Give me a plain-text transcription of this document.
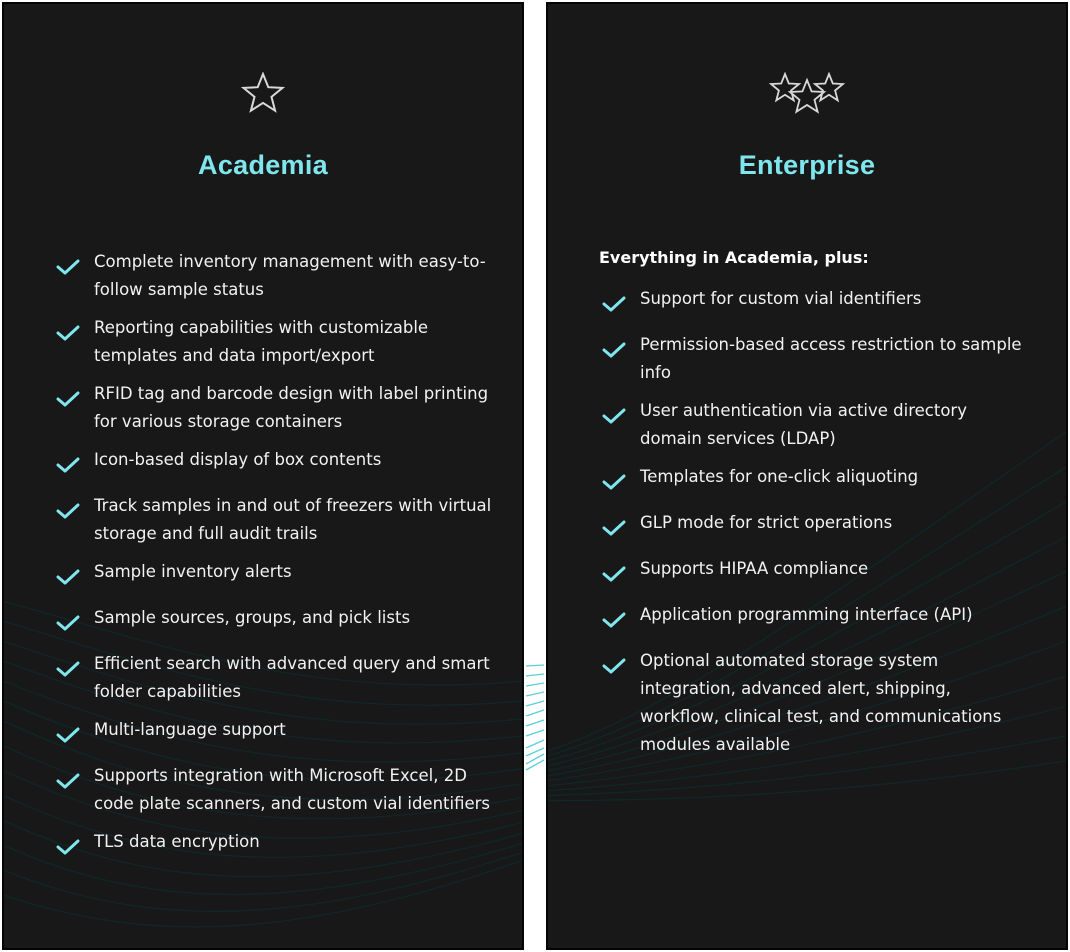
Academia
Complete inventory management with easy-to-follow sample status
Reporting capabilities with customizable templates and data import/export
RFID tag and barcode design with label printing for various storage containers
Icon-based display of box contents
Track samples in and out of freezers with virtual storage and full audit trails
Sample inventory alerts
Sample sources, groups, and pick lists
Efficient search with advanced query and smart folder capabilities
Multi-language support
Supports integration with Microsoft Excel, 2D code plate scanners, and custom vial identifiers
TLS data encryption
Enterprise
Everything in Academia, plus:
Support for custom vial identifiers
Permission-based access restriction to sample info
User authentication via active directory domain services (LDAP)
Templates for one-click aliquoting
GLP mode for strict operations
Supports HIPAA compliance
Application programming interface (API)
Optional automated storage system integration, advanced alert, shipping, workflow, clinical test, and communications modules available
